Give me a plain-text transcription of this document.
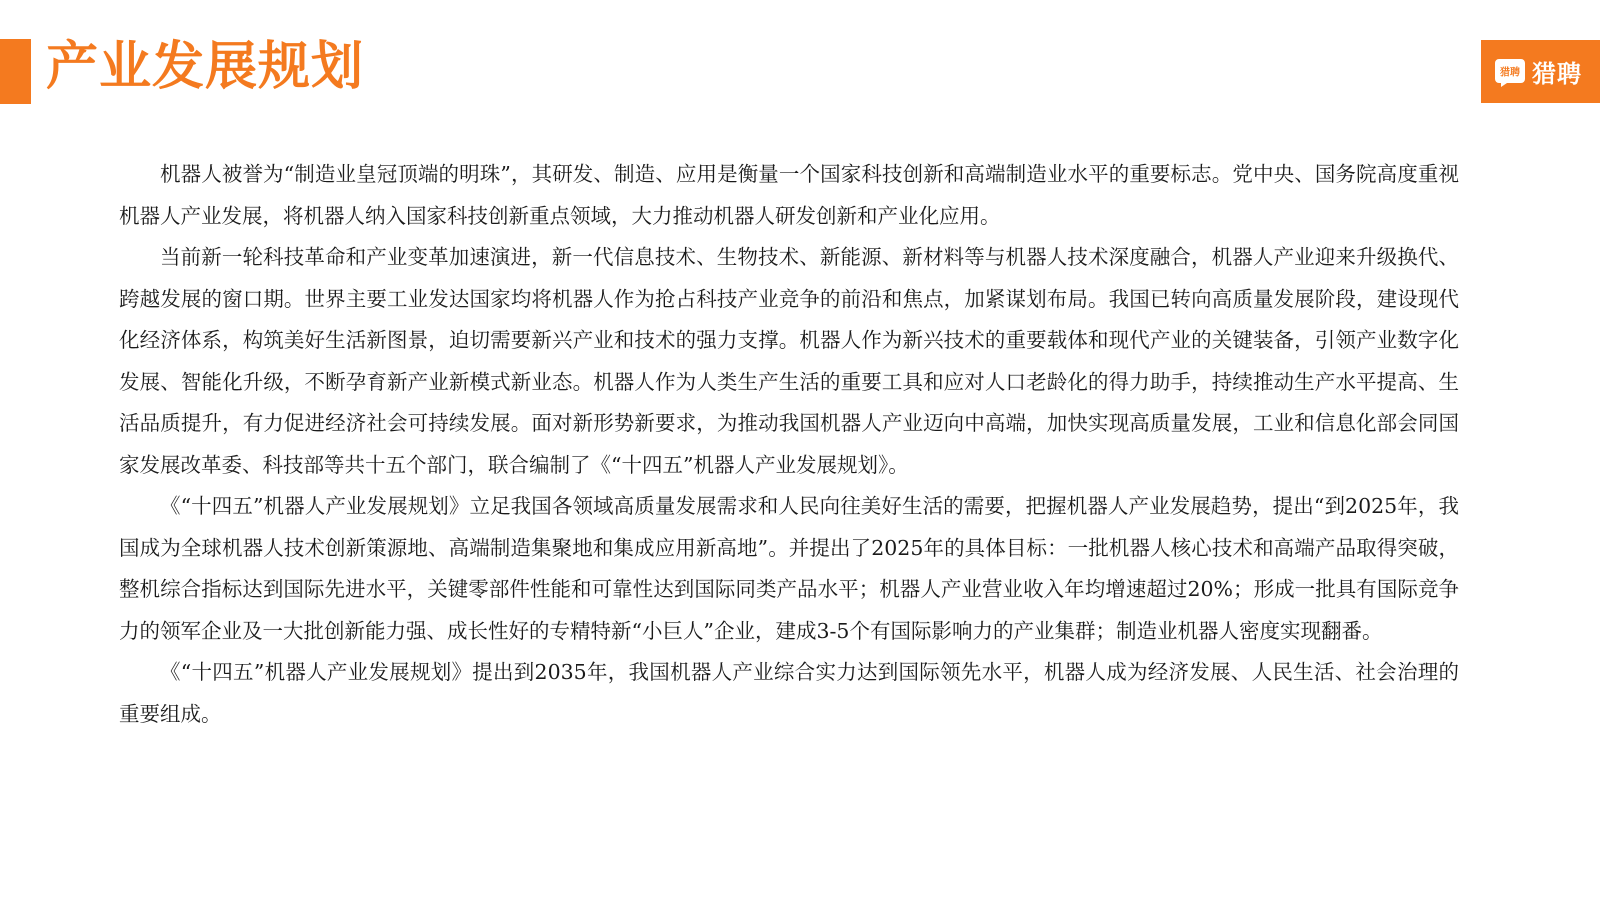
产业发展规划	猎聘 猎聘

机器人被誉为“制造业皇冠顶端的明珠”，其研发、制造、应用是衡量一个国家科技创新和高端制造业水平的重要标志。党中央、国务院高度重视机器人产业发展，将机器人纳入国家科技创新重点领域，大力推动机器人研发创新和产业化应用。

当前新一轮科技革命和产业变革加速演进，新一代信息技术、生物技术、新能源、新材料等与机器人技术深度融合，机器人产业迎来升级换代、跨越发展的窗口期。世界主要工业发达国家均将机器人作为抢占科技产业竞争的前沿和焦点，加紧谋划布局。我国已转向高质量发展阶段，建设现代化经济体系，构筑美好生活新图景，迫切需要新兴产业和技术的强力支撑。机器人作为新兴技术的重要载体和现代产业的关键装备，引领产业数字化发展、智能化升级，不断孕育新产业新模式新业态。机器人作为人类生产生活的重要工具和应对人口老龄化的得力助手，持续推动生产水平提高、生活品质提升，有力促进经济社会可持续发展。面对新形势新要求，为推动我国机器人产业迈向中高端，加快实现高质量发展，工业和信息化部会同国家发展改革委、科技部等共十五个部门，联合编制了《“十四五”机器人产业发展规划》。

《“十四五”机器人产业发展规划》立足我国各领域高质量发展需求和人民向往美好生活的需要，把握机器人产业发展趋势，提出“到2025年，我国成为全球机器人技术创新策源地、高端制造集聚地和集成应用新高地”。并提出了2025年的具体目标：一批机器人核心技术和高端产品取得突破，整机综合指标达到国际先进水平，关键零部件性能和可靠性达到国际同类产品水平；机器人产业营业收入年均增速超过20%；形成一批具有国际竞争力的领军企业及一大批创新能力强、成长性好的专精特新“小巨人”企业，建成3-5个有国际影响力的产业集群；制造业机器人密度实现翻番。

《“十四五”机器人产业发展规划》提出到2035年，我国机器人产业综合实力达到国际领先水平，机器人成为经济发展、人民生活、社会治理的重要组成。
